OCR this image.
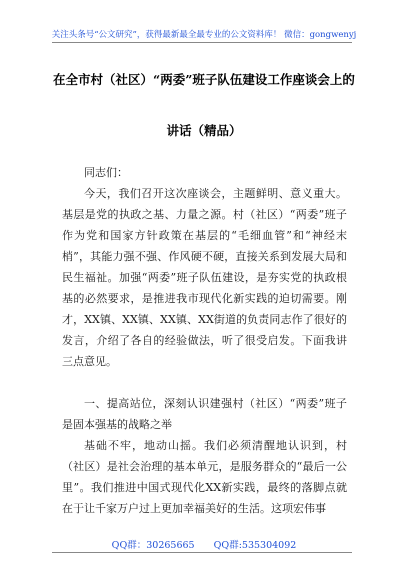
关注头条号“公文研究”，获得最新最全最专业的公文资料库！ 微信：gongwenyj
在全市村（社区）“两委”班子队伍建设工作座谈会上的
讲话（精品）
同志们：
今天，我们召开这次座谈会，主题鲜明、意义重大。基层是党的执政之基、力量之源。村（社区）“两委”班子作为党和国家方针政策在基层的“毛细血管”和“神经末梢”，其能力强不强、作风硬不硬，直接关系到发展大局和民生福祉。加强“两委”班子队伍建设，是夯实党的执政根基的必然要求，是推进我市现代化新实践的迫切需要。刚才，XX镇、XX镇、XX镇、XX街道的负责同志作了很好的发言，介绍了各自的经验做法，听了很受启发。下面我讲三点意见。
一、提高站位，深刻认识建强村（社区）“两委”班子是固本强基的战略之举
基础不牢，地动山摇。我们必须清醒地认识到，村（社区）是社会治理的基本单元，是服务群众的“最后一公里”。我们推进中国式现代化XX新实践，最终的落脚点就在于让千家万户过上更加幸福美好的生活。这项宏伟事
QQ群：30265665 QQ群:535304092
